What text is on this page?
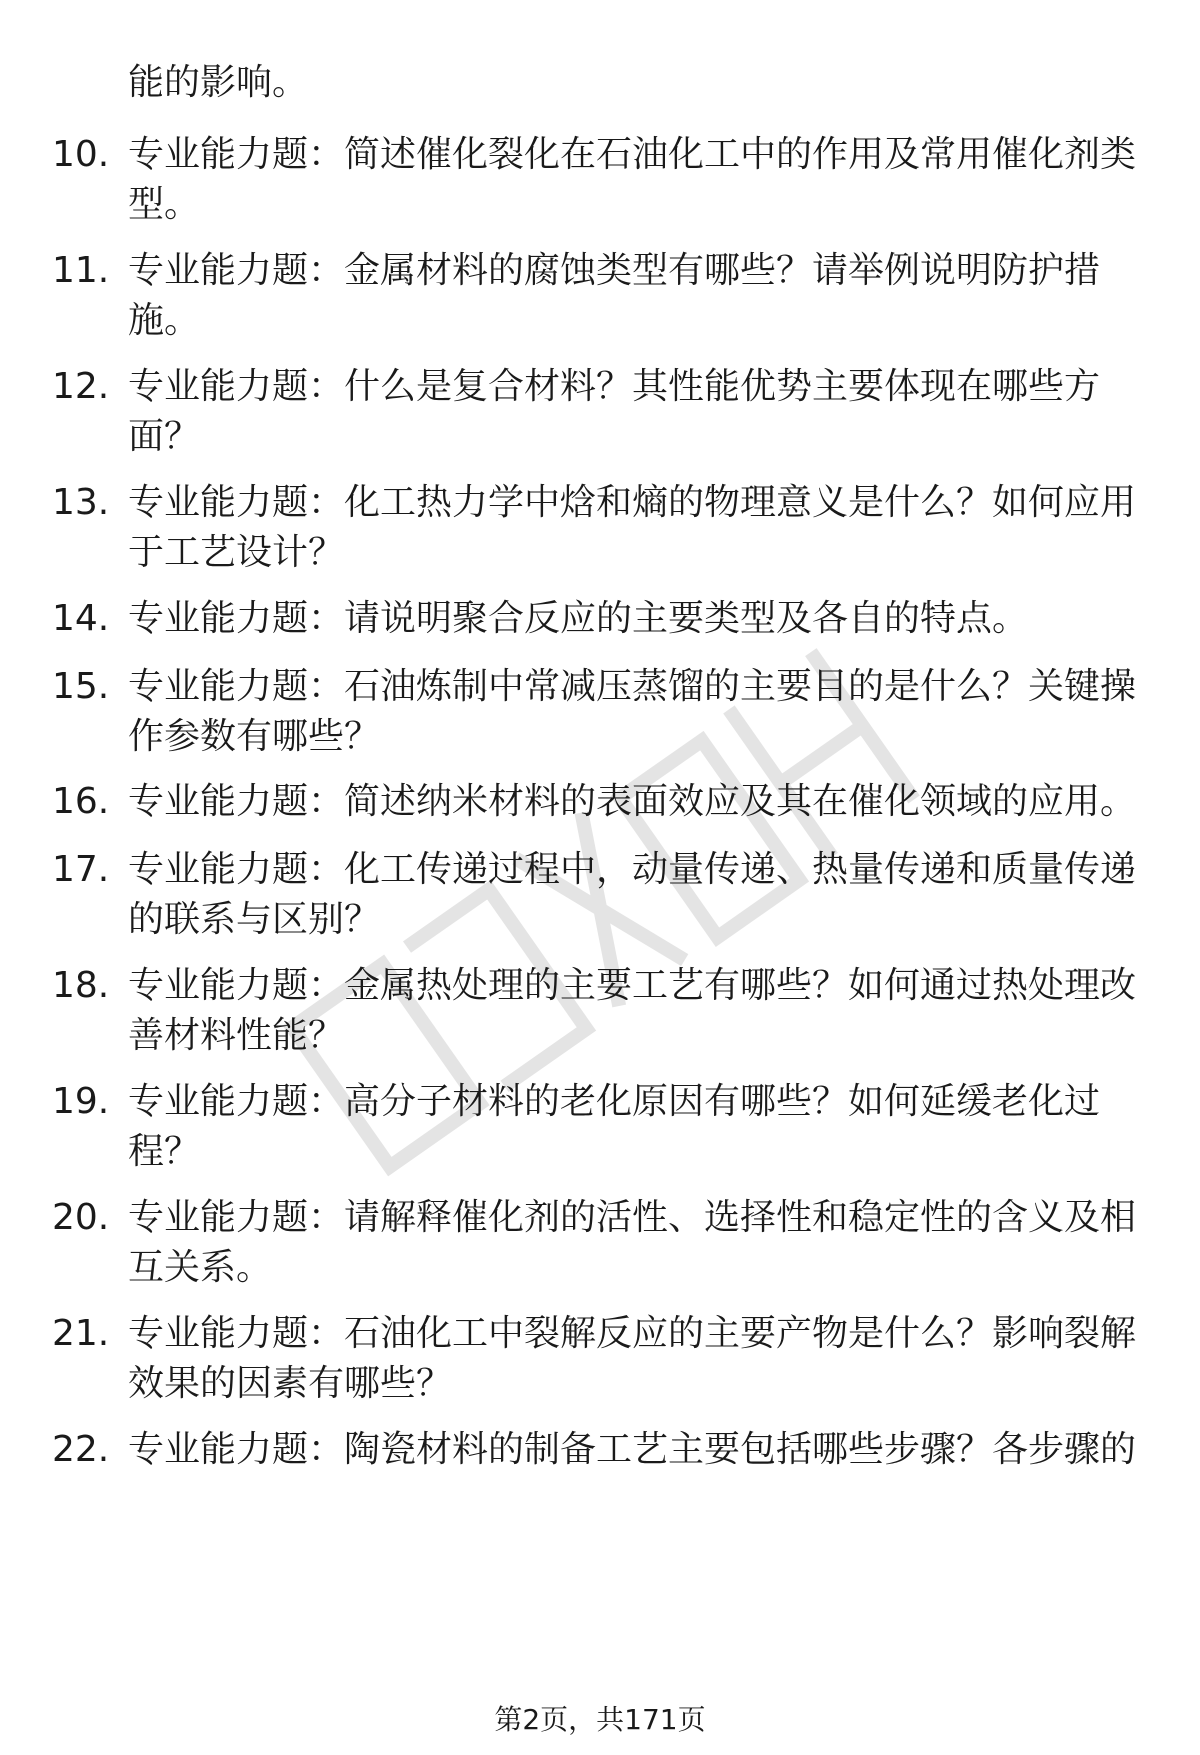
能的影响。
10. 专业能力题：简述催化裂化在石油化工中的作用及常用催化剂类型。
11. 专业能力题：金属材料的腐蚀类型有哪些？请举例说明防护措施。
12. 专业能力题：什么是复合材料？其性能优势主要体现在哪些方面？
13. 专业能力题：化工热力学中焓和熵的物理意义是什么？如何应用于工艺设计？
14. 专业能力题：请说明聚合反应的主要类型及各自的特点。
15. 专业能力题：石油炼制中常减压蒸馏的主要目的是什么？关键操作参数有哪些？
16. 专业能力题：简述纳米材料的表面效应及其在催化领域的应用。
17. 专业能力题：化工传递过程中，动量传递、热量传递和质量传递的联系与区别？
18. 专业能力题：金属热处理的主要工艺有哪些？如何通过热处理改善材料性能？
19. 专业能力题：高分子材料的老化原因有哪些？如何延缓老化过程？
20. 专业能力题：请解释催化剂的活性、选择性和稳定性的含义及相互关系。
21. 专业能力题：石油化工中裂解反应的主要产物是什么？影响裂解效果的因素有哪些？
22. 专业能力题：陶瓷材料的制备工艺主要包括哪些步骤？各步骤的
第2页，共171页
